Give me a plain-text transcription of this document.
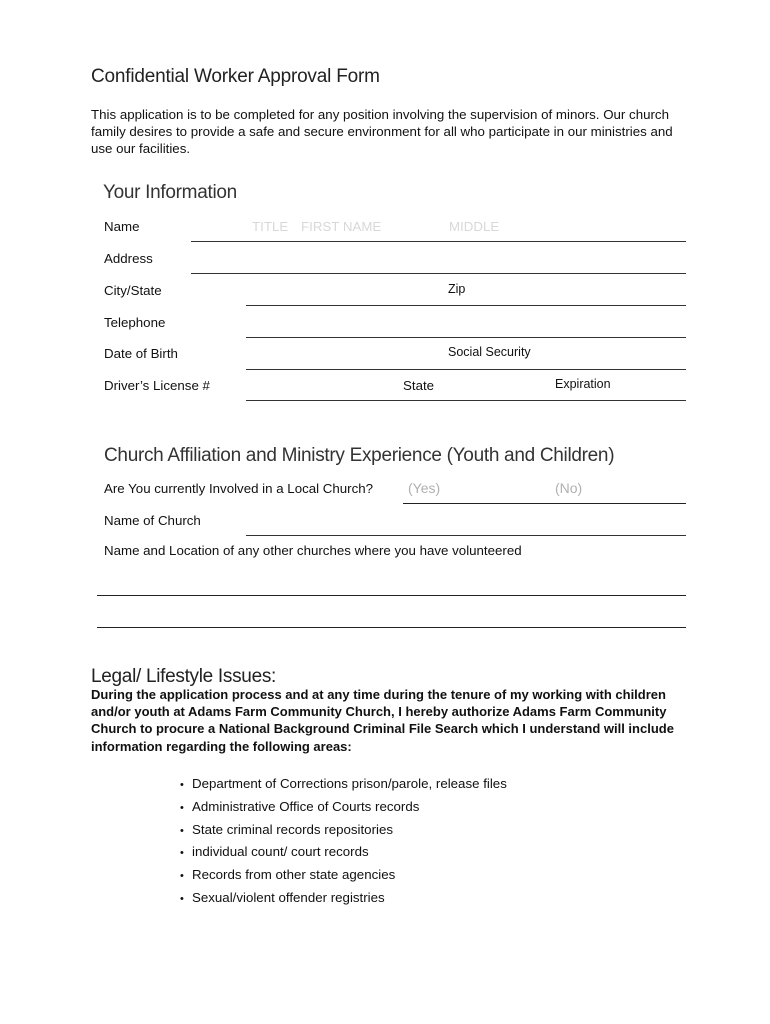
Confidential Worker Approval Form
This application is to be completed for any position involving the supervision of minors. Our church family desires to provide a safe and secure environment for all who participate in our ministries and use our facilities.
Your Information
Name	TITLE FIRST NAME	MIDDLE
Address
City/State	Zip
Telephone
Date of Birth	Social Security
Driver’s License #	State	Expiration
Church Affiliation and Ministry Experience (Youth and Children)
Are You currently Involved in a Local Church? (Yes)	(No)
Name of Church
Name and Location of any other churches where you have volunteered
Legal/ Lifestyle Issues:
During the application process and at any time during the tenure of my working with children and/or youth at Adams Farm Community Church, I hereby authorize Adams Farm Community Church to procure a National Background Criminal File Search which I understand will include information regarding the following areas:
• Department of Corrections prison/parole, release files
• Administrative Office of Courts records
• State criminal records repositories
• individual count/ court records
• Records from other state agencies
• Sexual/violent offender registries
